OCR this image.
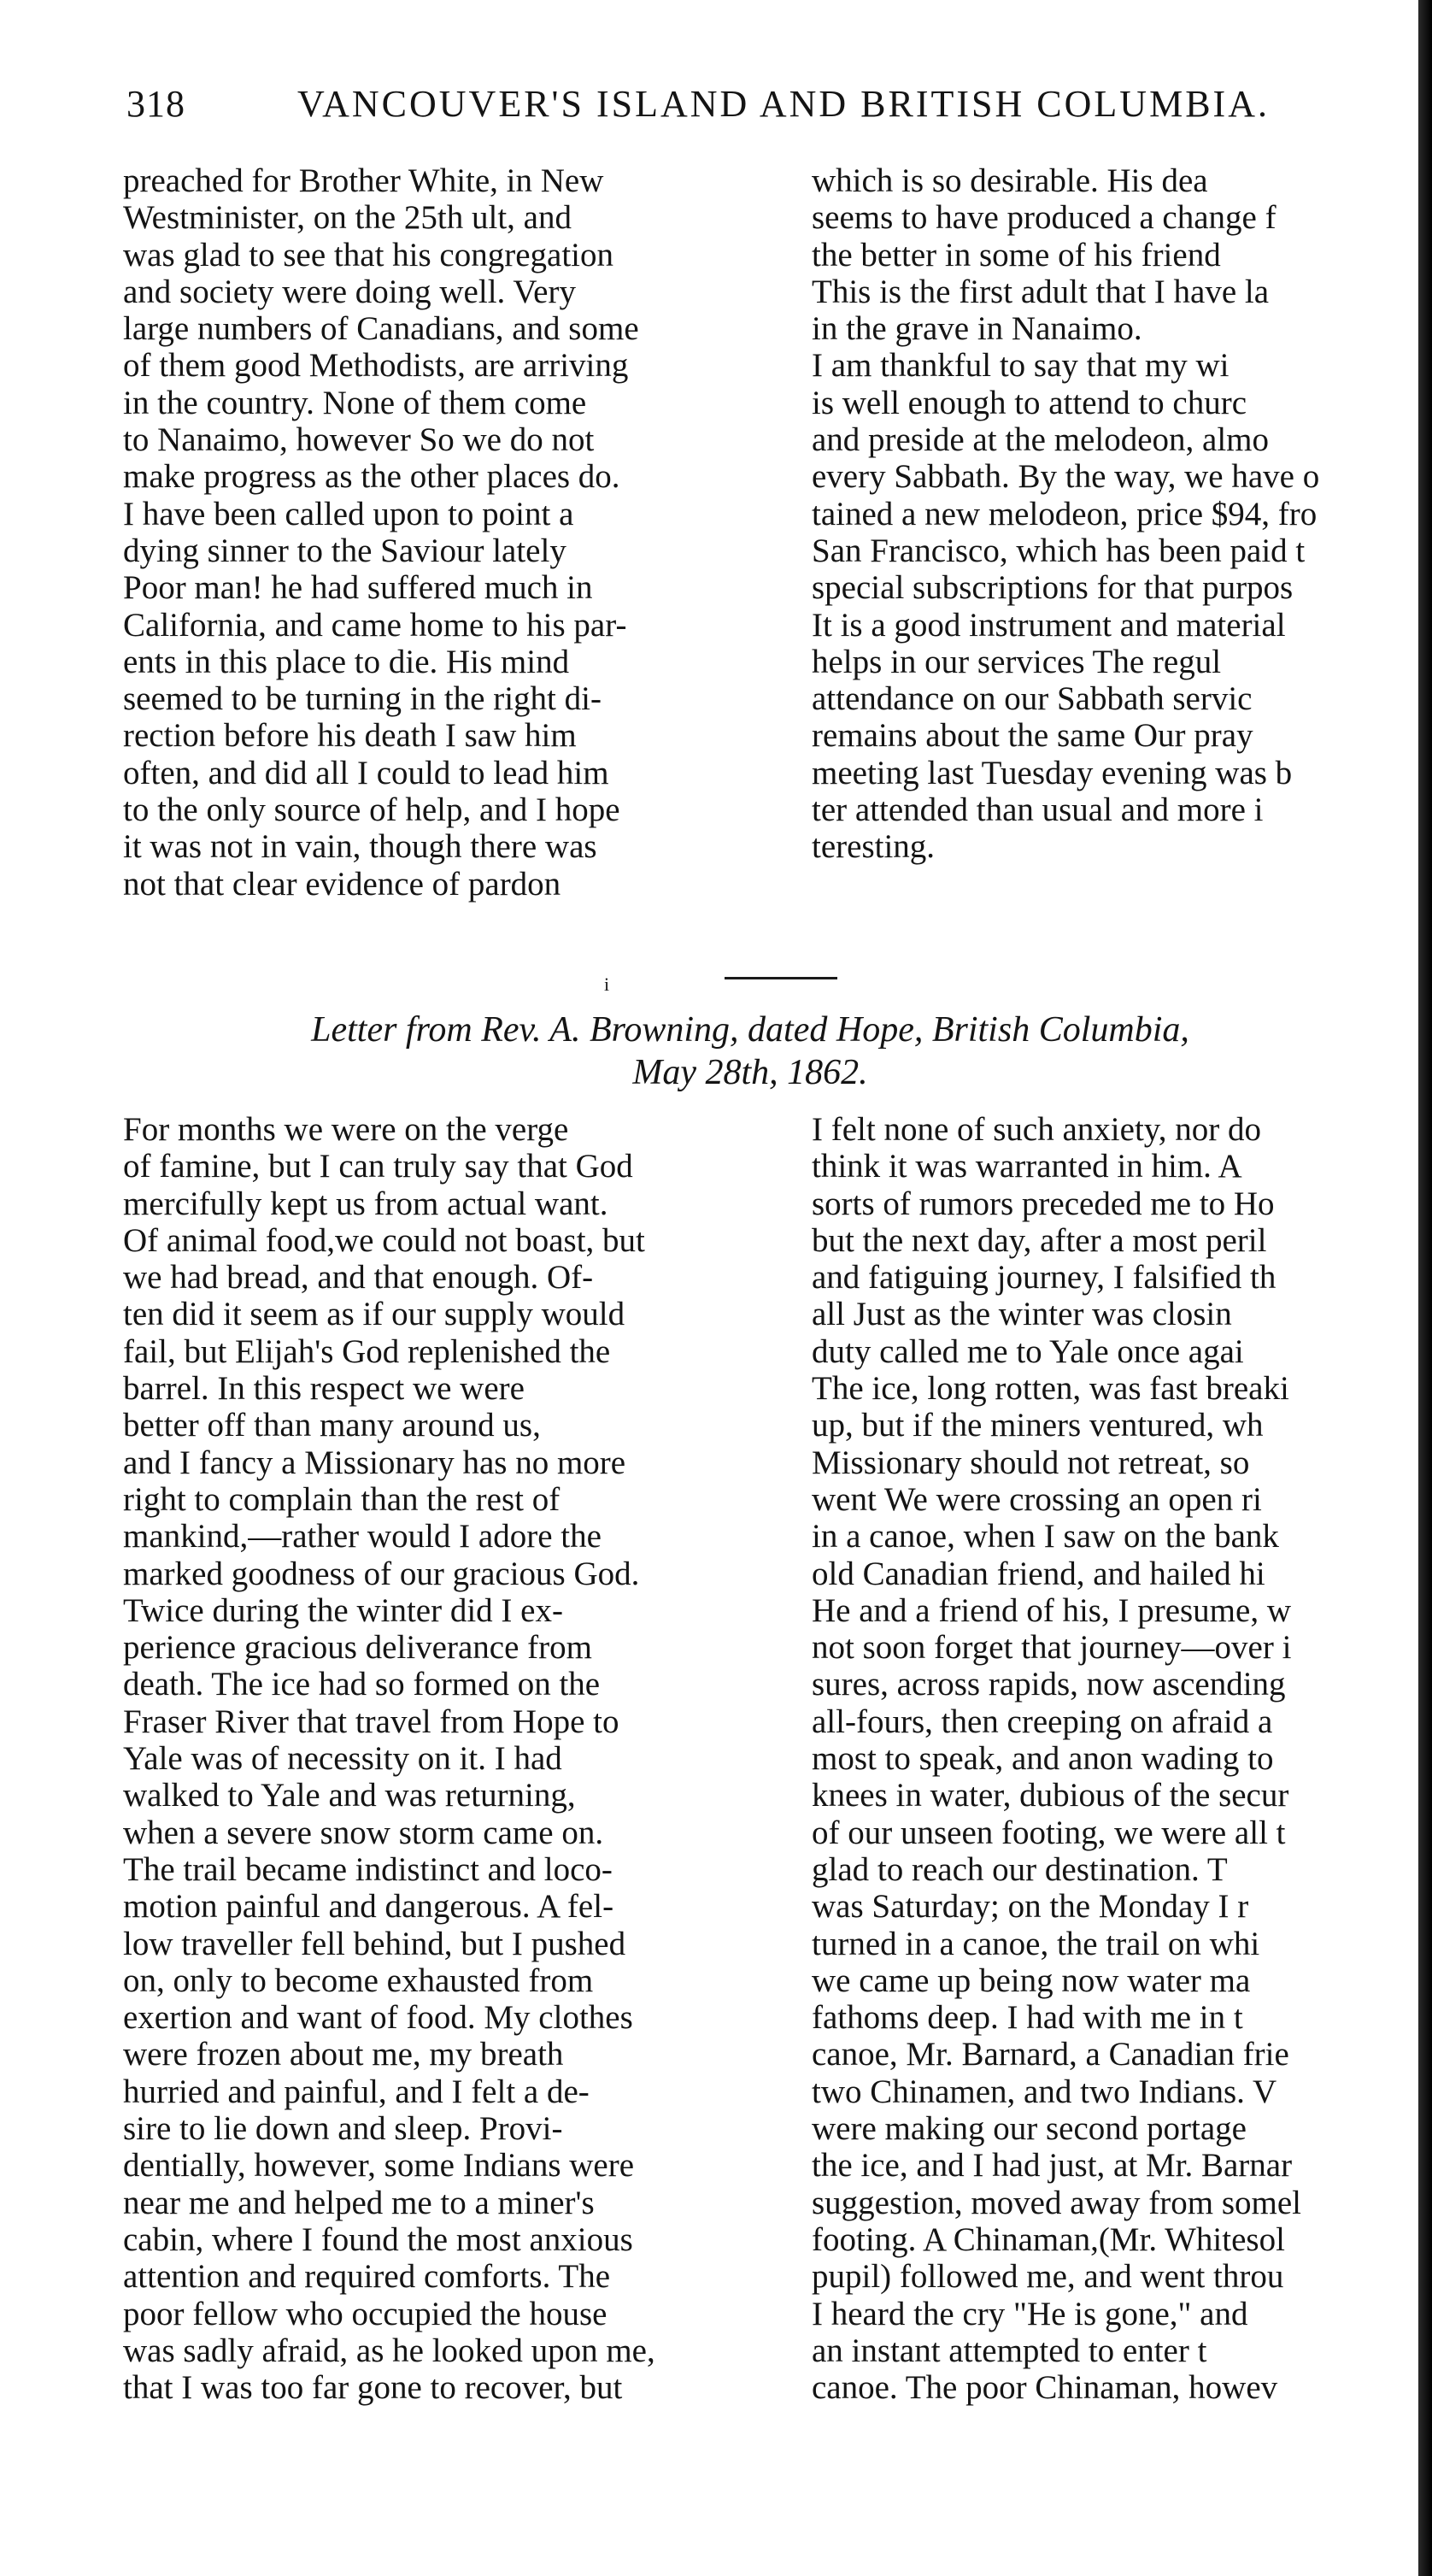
318	VANCOUVER'S ISLAND AND BRITISH COLUMBIA.

preached for Brother White, in New
Westminister, on the 25th ult, and
was glad to see that his congregation
and society were doing well. Very
large numbers of Canadians, and some
of them good Methodists, are arriving
in the country. None of them come
to Nanaimo, however So we do not
make progress as the other places do.

I have been called upon to point a
dying sinner to the Saviour lately
Poor man! he had suffered much in
California, and came home to his par-
ents in this place to die. His mind
seemed to be turning in the right di-
rection before his death I saw him
often, and did all I could to lead him
to the only source of help, and I hope
it was not in vain, though there was
not that clear evidence of pardon

which is so desirable. His dea
seems to have produced a change f
the better in some of his friend
This is the first adult that I have la
in the grave in Nanaimo.

I am thankful to say that my wi
is well enough to attend to churc
and preside at the melodeon, almo
every Sabbath. By the way, we have o
tained a new melodeon, price $94, fro
San Francisco, which has been paid t
special subscriptions for that purpos
It is a good instrument and material
helps in our services The regul
attendance on our Sabbath servic
remains about the same Our pray
meeting last Tuesday evening was b
ter attended than usual and more i
teresting.

i
Letter from Rev. A. Browning, dated Hope, British Columbia,
May 28th, 1862.

For months we were on the verge
of famine, but I can truly say that God
mercifully kept us from actual want.
Of animal food,we could not boast, but
we had bread, and that enough. Of-
ten did it seem as if our supply would
fail, but Elijah's God replenished the
barrel. In this respect we were
better off than many around us,
and I fancy a Missionary has no more
right to complain than the rest of
mankind,—rather would I adore the
marked goodness of our gracious God.

Twice during the winter did I ex-
perience gracious deliverance from
death. The ice had so formed on the
Fraser River that travel from Hope to
Yale was of necessity on it. I had
walked to Yale and was returning,
when a severe snow storm came on.
The trail became indistinct and loco-
motion painful and dangerous. A fel-
low traveller fell behind, but I pushed
on, only to become exhausted from
exertion and want of food. My clothes
were frozen about me, my breath
hurried and painful, and I felt a de-
sire to lie down and sleep. Provi-
dentially, however, some Indians were
near me and helped me to a miner's
cabin, where I found the most anxious
attention and required comforts. The
poor fellow who occupied the house
was sadly afraid, as he looked upon me,
that I was too far gone to recover, but

I felt none of such anxiety, nor do
think it was warranted in him. A
sorts of rumors preceded me to Ho
but the next day, after a most peril
and fatiguing journey, I falsified th
all Just as the winter was closin
duty called me to Yale once agai
The ice, long rotten, was fast breaki
up, but if the miners ventured, wh
Missionary should not retreat, so
went We were crossing an open ri
in a canoe, when I saw on the bank
old Canadian friend, and hailed hi
He and a friend of his, I presume, w
not soon forget that journey—over i
sures, across rapids, now ascending
all-fours, then creeping on afraid a
most to speak, and anon wading to
knees in water, dubious of the secur
of our unseen footing, we were all t
glad to reach our destination. T
was Saturday; on the Monday I r
turned in a canoe, the trail on whi
we came up being now water ma
fathoms deep. I had with me in t
canoe, Mr. Barnard, a Canadian frie
two Chinamen, and two Indians. V
were making our second portage
the ice, and I had just, at Mr. Barnar
suggestion, moved away from somel
footing. A Chinaman,(Mr. Whitesol
pupil) followed me, and went throu
I heard the cry "He is gone," and
an instant attempted to enter t
canoe. The poor Chinaman, howev
